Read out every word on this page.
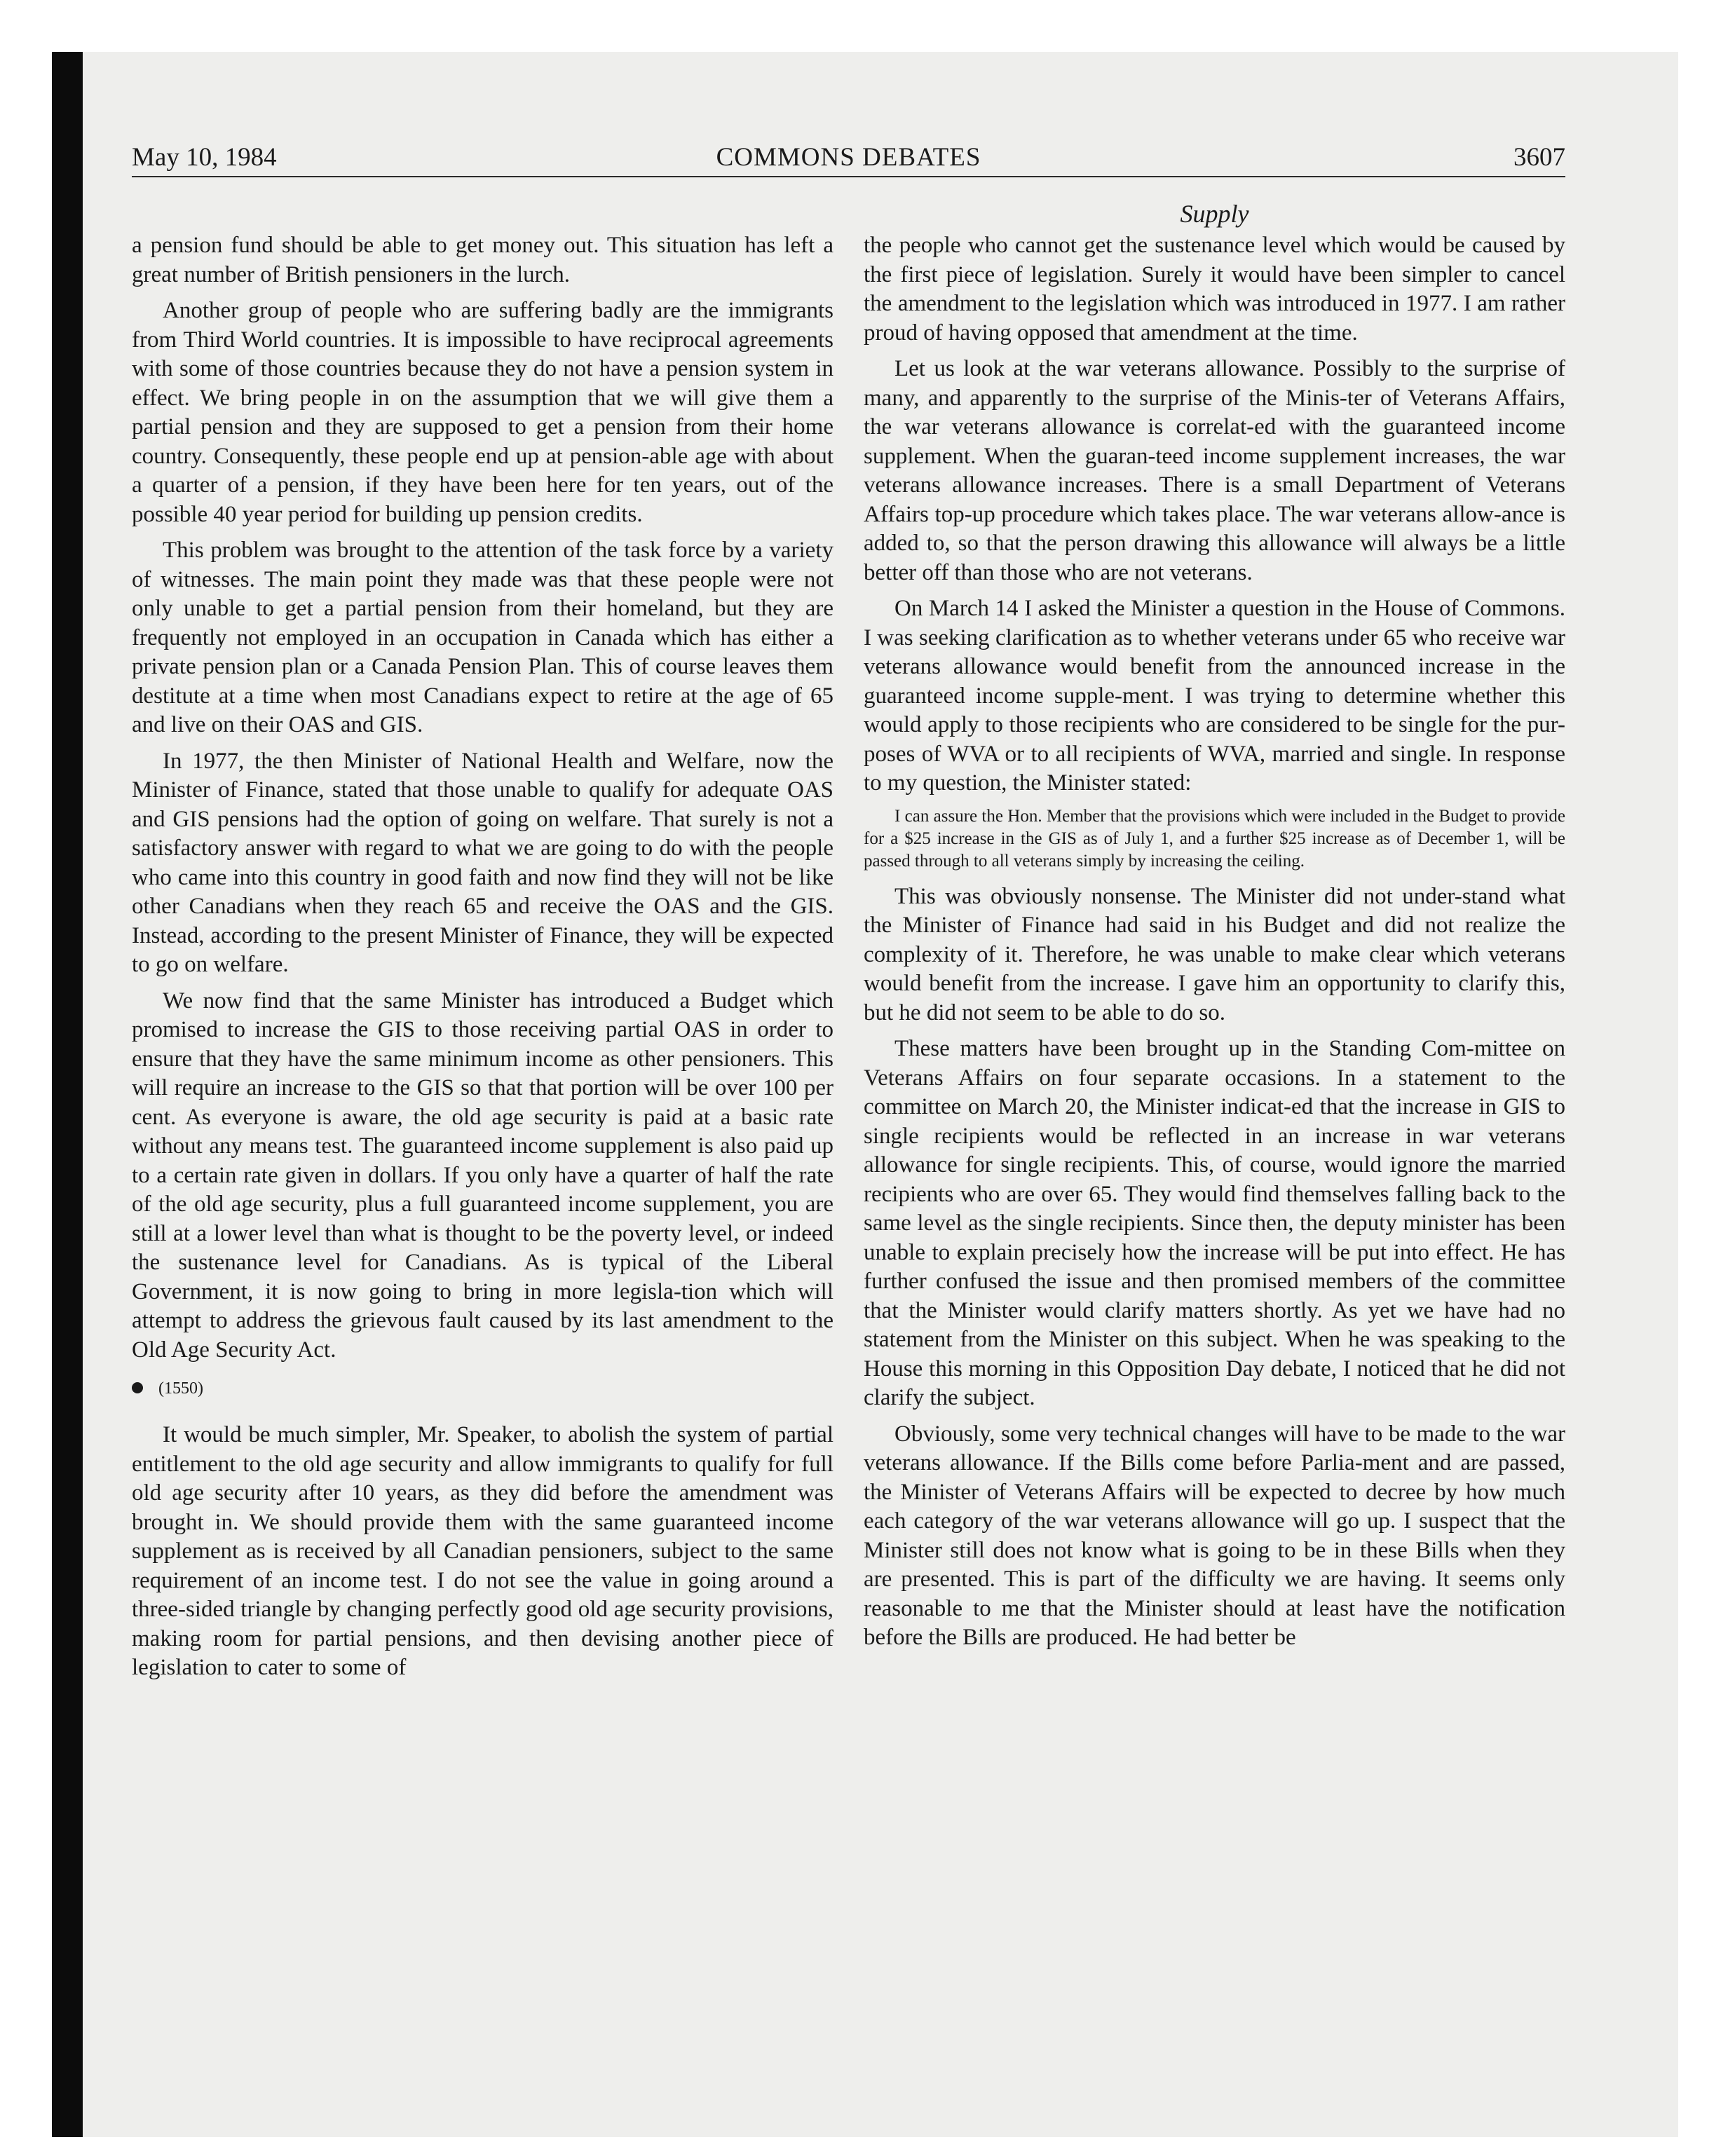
May 10, 1984	COMMONS DEBATES	3607
Supply

a pension fund should be able to get money out. This situation has left a great number of British pensioners in the lurch.

Another group of people who are suffering badly are the immigrants from Third World countries. It is impossible to have reciprocal agreements with some of those countries because they do not have a pension system in effect. We bring people in on the assumption that we will give them a partial pension and they are supposed to get a pension from their home country. Consequently, these people end up at pension-able age with about a quarter of a pension, if they have been here for ten years, out of the possible 40 year period for building up pension credits.

This problem was brought to the attention of the task force by a variety of witnesses. The main point they made was that these people were not only unable to get a partial pension from their homeland, but they are frequently not employed in an occupation in Canada which has either a private pension plan or a Canada Pension Plan. This of course leaves them destitute at a time when most Canadians expect to retire at the age of 65 and live on their OAS and GIS.

In 1977, the then Minister of National Health and Welfare, now the Minister of Finance, stated that those unable to qualify for adequate OAS and GIS pensions had the option of going on welfare. That surely is not a satisfactory answer with regard to what we are going to do with the people who came into this country in good faith and now find they will not be like other Canadians when they reach 65 and receive the OAS and the GIS. Instead, according to the present Minister of Finance, they will be expected to go on welfare.

We now find that the same Minister has introduced a Budget which promised to increase the GIS to those receiving partial OAS in order to ensure that they have the same minimum income as other pensioners. This will require an increase to the GIS so that that portion will be over 100 per cent. As everyone is aware, the old age security is paid at a basic rate without any means test. The guaranteed income supplement is also paid up to a certain rate given in dollars. If you only have a quarter of half the rate of the old age security, plus a full guaranteed income supplement, you are still at a lower level than what is thought to be the poverty level, or indeed the sustenance level for Canadians. As is typical of the Liberal Government, it is now going to bring in more legisla-tion which will attempt to address the grievous fault caused by its last amendment to the Old Age Security Act.

(1550)

It would be much simpler, Mr. Speaker, to abolish the system of partial entitlement to the old age security and allow immigrants to qualify for full old age security after 10 years, as they did before the amendment was brought in. We should provide them with the same guaranteed income supplement as is received by all Canadian pensioners, subject to the same requirement of an income test. I do not see the value in going around a three-sided triangle by changing perfectly good old age security provisions, making room for partial pensions, and then devising another piece of legislation to cater to some of

the people who cannot get the sustenance level which would be caused by the first piece of legislation. Surely it would have been simpler to cancel the amendment to the legislation which was introduced in 1977. I am rather proud of having opposed that amendment at the time.

Let us look at the war veterans allowance. Possibly to the surprise of many, and apparently to the surprise of the Minis-ter of Veterans Affairs, the war veterans allowance is correlat-ed with the guaranteed income supplement. When the guaran-teed income supplement increases, the war veterans allowance increases. There is a small Department of Veterans Affairs top-up procedure which takes place. The war veterans allow-ance is added to, so that the person drawing this allowance will always be a little better off than those who are not veterans.

On March 14 I asked the Minister a question in the House of Commons. I was seeking clarification as to whether veterans under 65 who receive war veterans allowance would benefit from the announced increase in the guaranteed income supple-ment. I was trying to determine whether this would apply to those recipients who are considered to be single for the pur-poses of WVA or to all recipients of WVA, married and single. In response to my question, the Minister stated:

I can assure the Hon. Member that the provisions which were included in the Budget to provide for a $25 increase in the GIS as of July 1, and a further $25 increase as of December 1, will be passed through to all veterans simply by increasing the ceiling.

This was obviously nonsense. The Minister did not under-stand what the Minister of Finance had said in his Budget and did not realize the complexity of it. Therefore, he was unable to make clear which veterans would benefit from the increase. I gave him an opportunity to clarify this, but he did not seem to be able to do so.

These matters have been brought up in the Standing Com-mittee on Veterans Affairs on four separate occasions. In a statement to the committee on March 20, the Minister indicat-ed that the increase in GIS to single recipients would be reflected in an increase in war veterans allowance for single recipients. This, of course, would ignore the married recipients who are over 65. They would find themselves falling back to the same level as the single recipients. Since then, the deputy minister has been unable to explain precisely how the increase will be put into effect. He has further confused the issue and then promised members of the committee that the Minister would clarify matters shortly. As yet we have had no statement from the Minister on this subject. When he was speaking to the House this morning in this Opposition Day debate, I noticed that he did not clarify the subject.

Obviously, some very technical changes will have to be made to the war veterans allowance. If the Bills come before Parlia-ment and are passed, the Minister of Veterans Affairs will be expected to decree by how much each category of the war veterans allowance will go up. I suspect that the Minister still does not know what is going to be in these Bills when they are presented. This is part of the difficulty we are having. It seems only reasonable to me that the Minister should at least have the notification before the Bills are produced. He had better be
